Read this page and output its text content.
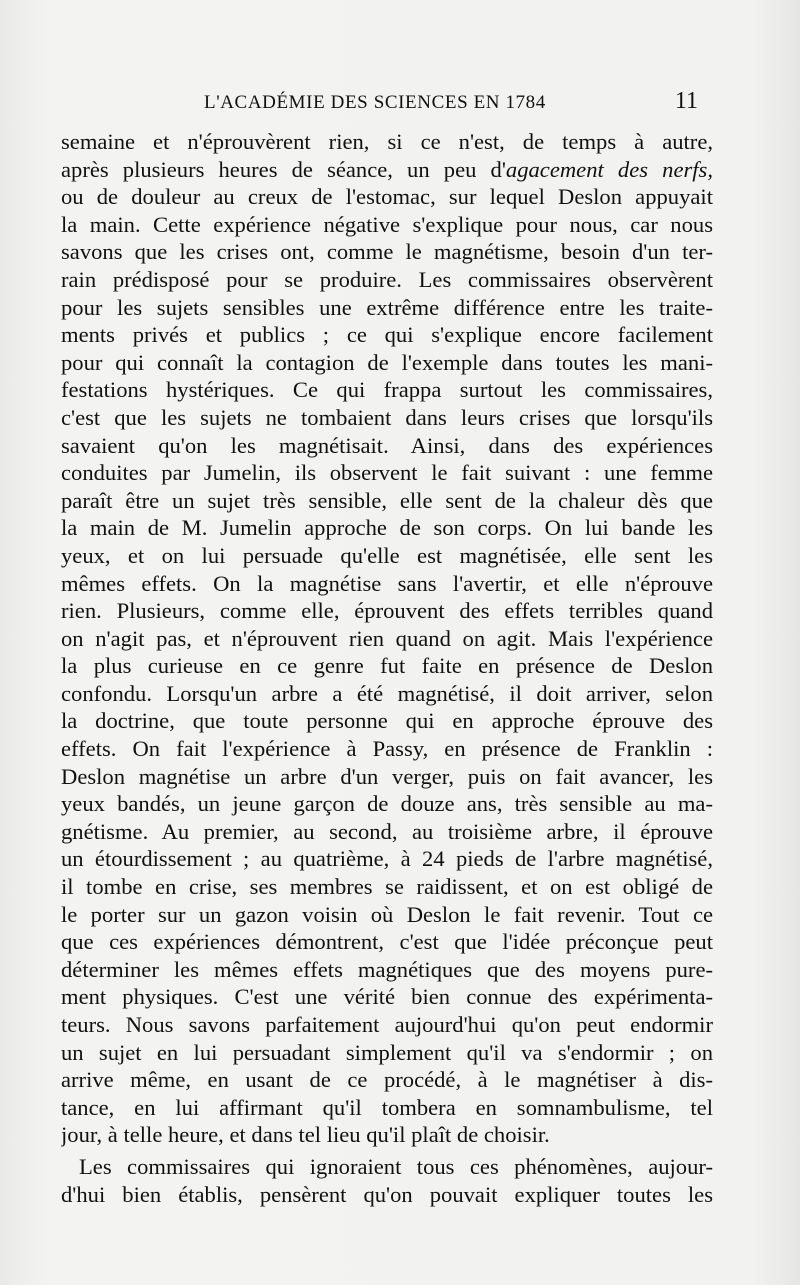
L'ACADÉMIE DES SCIENCES EN 1784	11
semaine et n'éprouvèrent rien, si ce n'est, de temps à autre,
après plusieurs heures de séance, un peu d'agacement des nerfs,
ou de douleur au creux de l'estomac, sur lequel Deslon appuyait
la main. Cette expérience négative s'explique pour nous, car nous
savons que les crises ont, comme le magnétisme, besoin d'un ter-
rain prédisposé pour se produire. Les commissaires observèrent
pour les sujets sensibles une extrême différence entre les traite-
ments privés et publics ; ce qui s'explique encore facilement
pour qui connaît la contagion de l'exemple dans toutes les mani-
festations hystériques. Ce qui frappa surtout les commissaires,
c'est que les sujets ne tombaient dans leurs crises que lorsqu'ils
savaient qu'on les magnétisait. Ainsi, dans des expériences
conduites par Jumelin, ils observent le fait suivant : une femme
paraît être un sujet très sensible, elle sent de la chaleur dès que
la main de M. Jumelin approche de son corps. On lui bande les
yeux, et on lui persuade qu'elle est magnétisée, elle sent les
mêmes effets. On la magnétise sans l'avertir, et elle n'éprouve
rien. Plusieurs, comme elle, éprouvent des effets terribles quand
on n'agit pas, et n'éprouvent rien quand on agit. Mais l'expérience
la plus curieuse en ce genre fut faite en présence de Deslon
confondu. Lorsqu'un arbre a été magnétisé, il doit arriver, selon
la doctrine, que toute personne qui en approche éprouve des
effets. On fait l'expérience à Passy, en présence de Franklin :
Deslon magnétise un arbre d'un verger, puis on fait avancer, les
yeux bandés, un jeune garçon de douze ans, très sensible au ma-
gnétisme. Au premier, au second, au troisième arbre, il éprouve
un étourdissement ; au quatrième, à 24 pieds de l'arbre magnétisé,
il tombe en crise, ses membres se raidissent, et on est obligé de
le porter sur un gazon voisin où Deslon le fait revenir. Tout ce
que ces expériences démontrent, c'est que l'idée préconçue peut
déterminer les mêmes effets magnétiques que des moyens pure-
ment physiques. C'est une vérité bien connue des expérimenta-
teurs. Nous savons parfaitement aujourd'hui qu'on peut endormir
un sujet en lui persuadant simplement qu'il va s'endormir ; on
arrive même, en usant de ce procédé, à le magnétiser à dis-
tance, en lui affirmant qu'il tombera en somnambulisme, tel
jour, à telle heure, et dans tel lieu qu'il plaît de choisir.
Les commissaires qui ignoraient tous ces phénomènes, aujour-
d'hui bien établis, pensèrent qu'on pouvait expliquer toutes les
